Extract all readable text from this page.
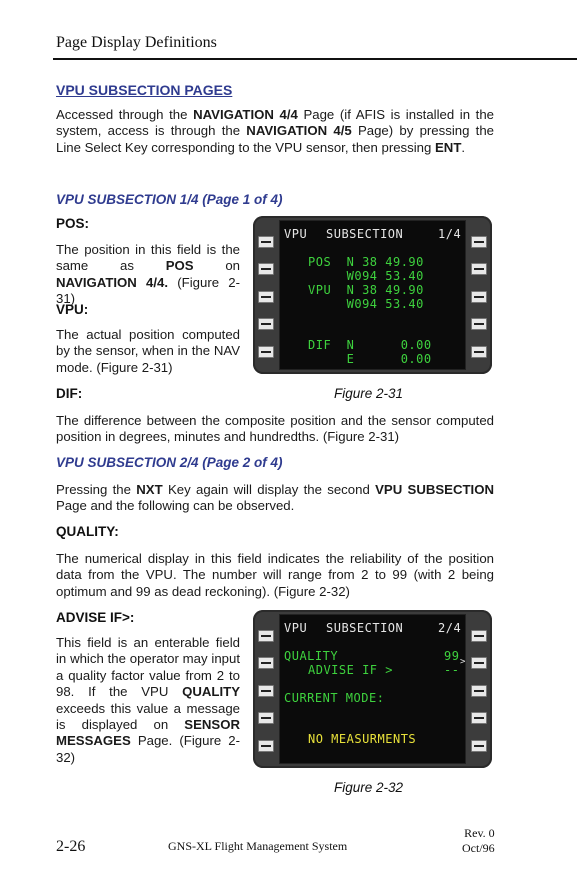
Page Display Definitions
VPU SUBSECTION PAGES
Accessed through the NAVIGATION 4/4 Page (if AFIS is installed in the system, access is through the NAVIGATION 4/5 Page) by pressing the Line Select Key corresponding to the VPU sensor, then pressing ENT.
VPU SUBSECTION 1/4 (Page 1 of 4)
POS:
The position in this field is the same as POS on NAVIGATION 4/4. (Figure 2-31)
VPU:
The actual position computed by the sensor, when in the NAV mode. (Figure 2-31)
VPU SUBSECTION	1/4
POS  N 38 49.90
W094 53.40
VPU  N 38 49.90
W094 53.40
DIF  N      0.00
E      0.00
DIF:	Figure 2-31
The difference between the composite position and the sensor computed position in degrees, minutes and hundredths. (Figure 2-31)
VPU SUBSECTION 2/4 (Page 2 of 4)
Pressing the NXT Key again will display the second VPU SUBSECTION Page and the following can be observed.
QUALITY:
The numerical display in this field indicates the reliability of the position data from the VPU. The number will range from 2 to 99 (with 2 being optimum and 99 as dead reckoning). (Figure 2-32)
ADVISE IF>:
This field is an enterable field in which the operator may input a quality factor value from 2 to 98. If the VPU QUALITY exceeds this value a message is displayed on SENSOR MESSAGES Page. (Figure 2-32)
VPU SUBSECTION	2/4
QUALITY	99
ADVISE IF >	--
>
CURRENT MODE:
NO MEASURMENTS
Figure 2-32
2-26	GNS-XL Flight Management System
Rev. 0
Oct/96
